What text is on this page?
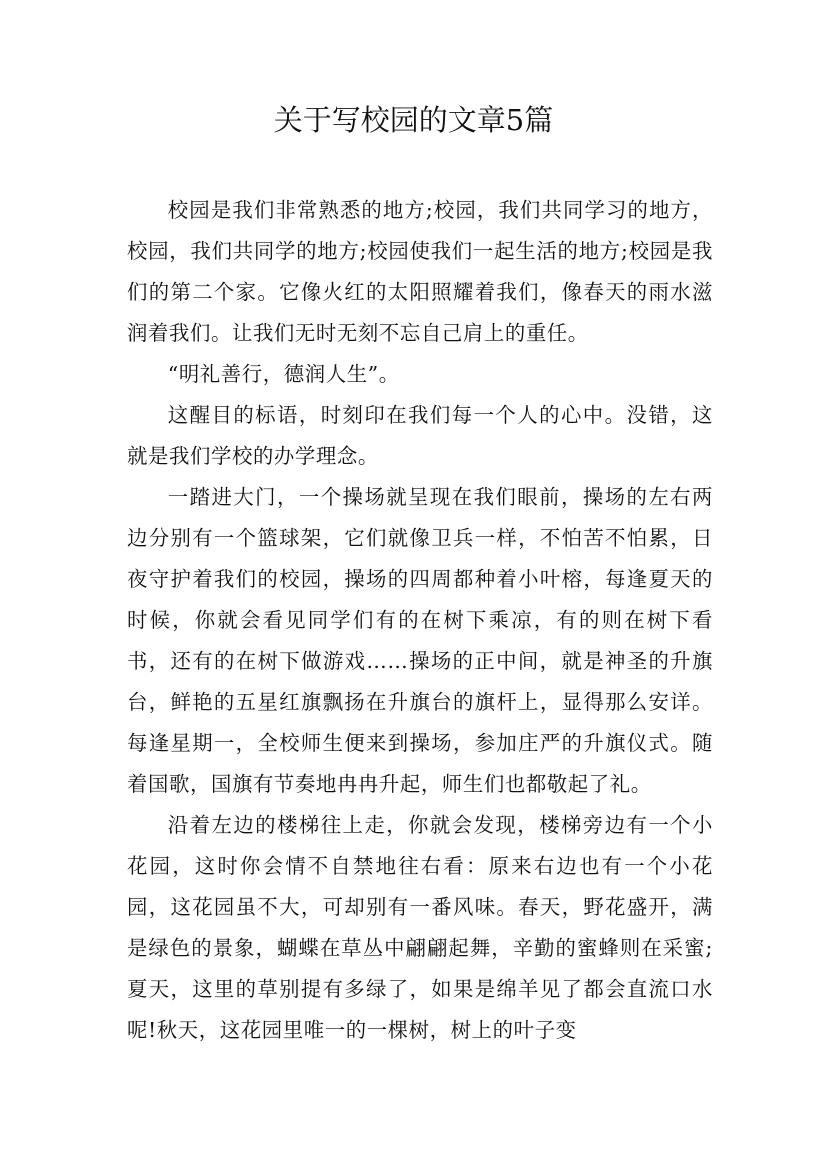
关于写校园的文章5篇

校园是我们非常熟悉的地方;校园，我们共同学习的地方，校园，我们共同学的地方;校园使我们一起生活的地方;校园是我们的第二个家。它像火红的太阳照耀着我们，像春天的雨水滋润着我们。让我们无时无刻不忘自己肩上的重任。

“明礼善行，德润人生”。

这醒目的标语，时刻印在我们每一个人的心中。没错，这就是我们学校的办学理念。

一踏进大门，一个操场就呈现在我们眼前，操场的左右两边分别有一个篮球架，它们就像卫兵一样，不怕苦不怕累，日夜守护着我们的校园，操场的四周都种着小叶榕，每逢夏天的时候，你就会看见同学们有的在树下乘凉，有的则在树下看书，还有的在树下做游戏……操场的正中间，就是神圣的升旗台，鲜艳的五星红旗飘扬在升旗台的旗杆上，显得那么安详。每逢星期一，全校师生便来到操场，参加庄严的升旗仪式。随着国歌，国旗有节奏地冉冉升起，师生们也都敬起了礼。

沿着左边的楼梯往上走，你就会发现，楼梯旁边有一个小花园，这时你会情不自禁地往右看：原来右边也有一个小花园，这花园虽不大，可却别有一番风味。春天，野花盛开，满是绿色的景象，蝴蝶在草丛中翩翩起舞，辛勤的蜜蜂则在采蜜;夏天，这里的草别提有多绿了，如果是绵羊见了都会直流口水呢!秋天，这花园里唯一的一棵树，树上的叶子变
